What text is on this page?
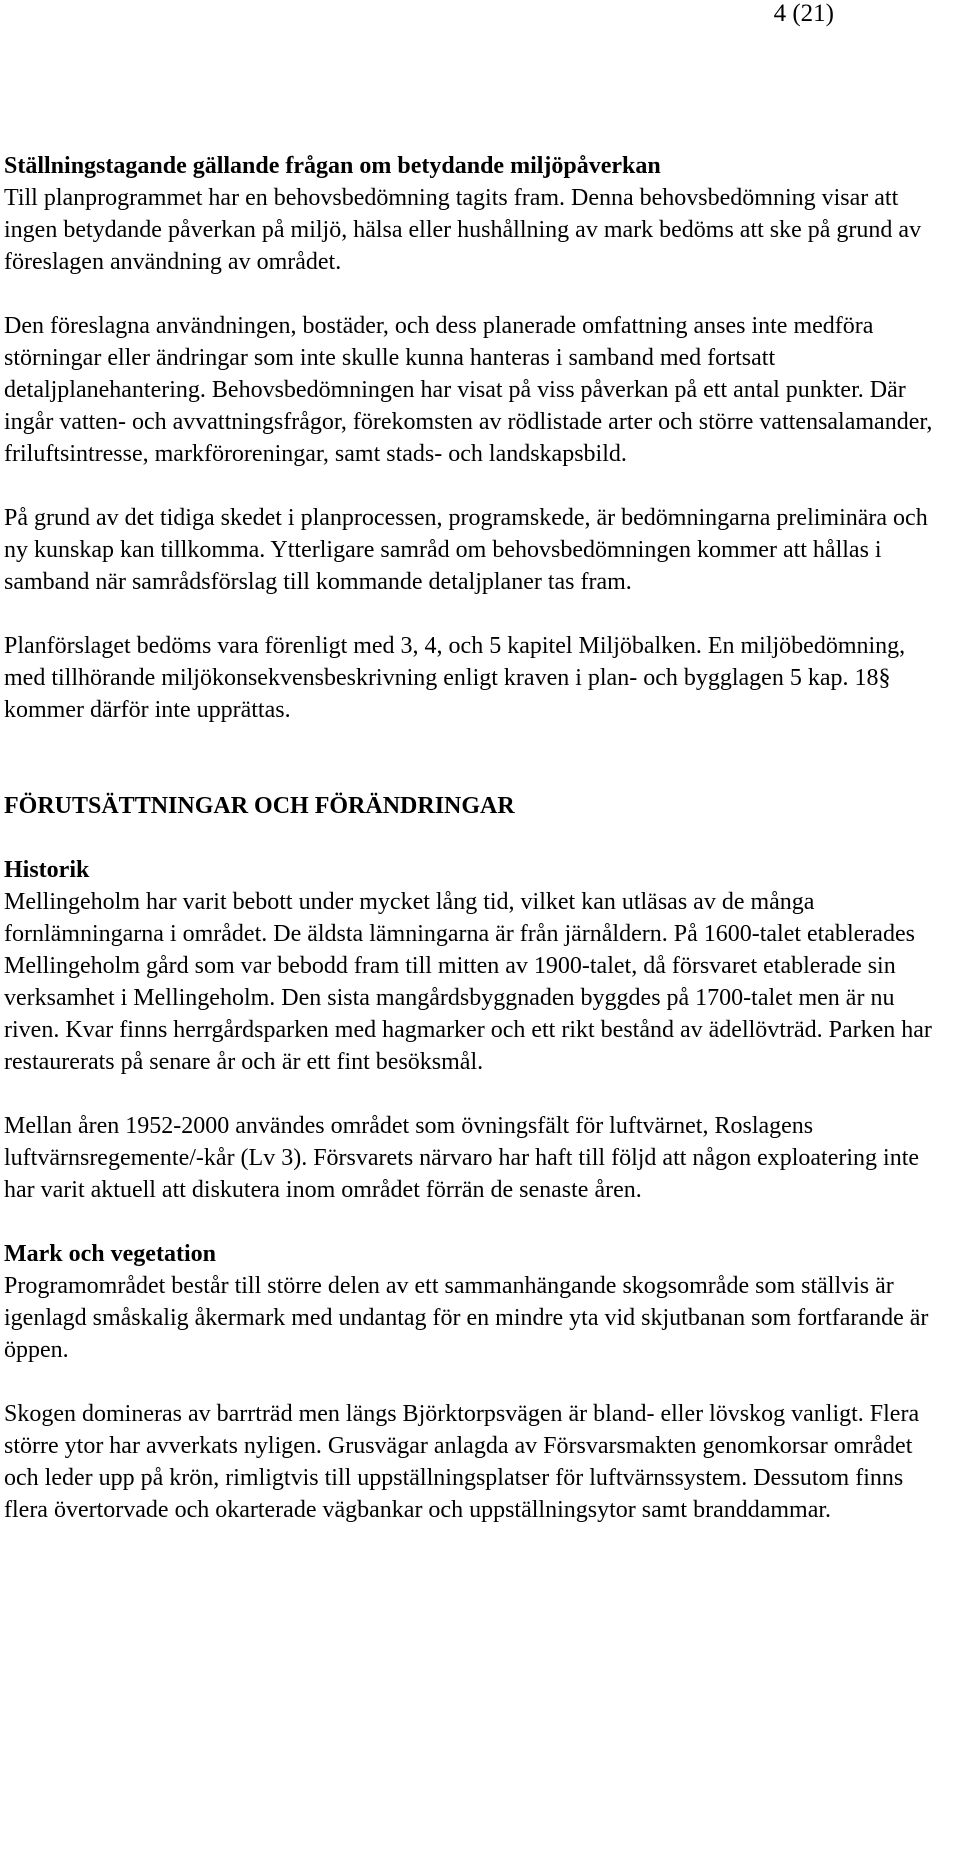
4 (21)

Ställningstagande gällande frågan om betydande miljöpåverkan

Till planprogrammet har en behovsbedömning tagits fram. Denna behovsbedömning visar att ingen betydande påverkan på miljö, hälsa eller hushållning av mark bedöms att ske på grund av föreslagen användning av området.

Den föreslagna användningen, bostäder, och dess planerade omfattning anses inte medföra störningar eller ändringar som inte skulle kunna hanteras i samband med fortsatt detaljplanehantering. Behovsbedömningen har visat på viss påverkan på ett antal punkter. Där ingår vatten- och avvattningsfrågor, förekomsten av rödlistade arter och större vattensalamander, friluftsintresse, markföroreningar, samt stads- och landskapsbild.

På grund av det tidiga skedet i planprocessen, programskede, är bedömningarna preliminära och ny kunskap kan tillkomma. Ytterligare samråd om behovsbedömningen kommer att hållas i samband när samrådsförslag till kommande detaljplaner tas fram.

Planförslaget bedöms vara förenligt med 3, 4, och 5 kapitel Miljöbalken. En miljöbedömning, med tillhörande miljökonsekvensbeskrivning enligt kraven i plan- och bygglagen 5 kap. 18§ kommer därför inte upprättas.

FÖRUTSÄTTNINGAR OCH FÖRÄNDRINGAR

Historik

Mellingeholm har varit bebott under mycket lång tid, vilket kan utläsas av de många fornlämningarna i området. De äldsta lämningarna är från järnåldern. På 1600-talet etablerades Mellingeholm gård som var bebodd fram till mitten av 1900-talet, då försvaret etablerade sin verksamhet i Mellingeholm. Den sista mangårdsbyggnaden byggdes på 1700-talet men är nu riven. Kvar finns herrgårdsparken med hagmarker och ett rikt bestånd av ädellövträd. Parken har restaurerats på senare år och är ett fint besöksmål.

Mellan åren 1952-2000 användes området som övningsfält för luftvärnet, Roslagens luftvärnsregemente/-kår (Lv 3). Försvarets närvaro har haft till följd att någon exploatering inte har varit aktuell att diskutera inom området förrän de senaste åren.

Mark och vegetation

Programområdet består till större delen av ett sammanhängande skogsområde som ställvis är igenlagd småskalig åkermark med undantag för en mindre yta vid skjutbanan som fortfarande är öppen.

Skogen domineras av barrträd men längs Björktorpsvägen är bland- eller lövskog vanligt. Flera större ytor har avverkats nyligen. Grusvägar anlagda av Försvarsmakten genomkorsar området och leder upp på krön, rimligtvis till uppställningsplatser för luftvärnssystem. Dessutom finns flera övertorvade och okarterade vägbankar och uppställningsytor samt branddammar.
